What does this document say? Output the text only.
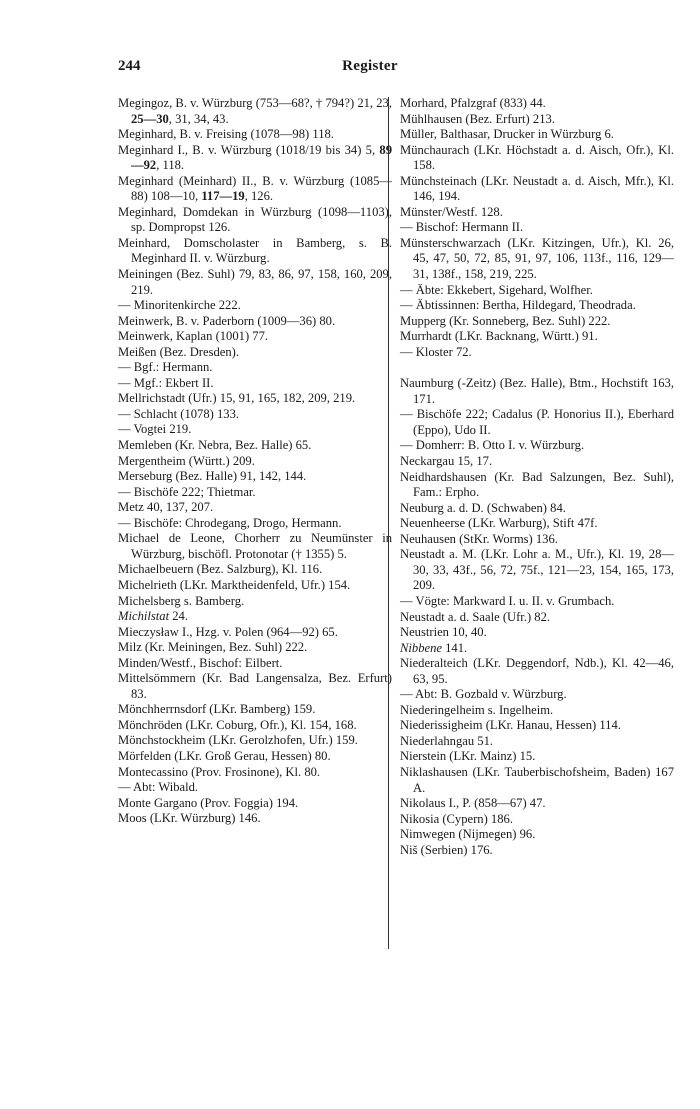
244	Register

Megingoz, B. v. Würzburg (753—68?, † 794?) 21, 23, 25—30, 31, 34, 43.

Meginhard, B. v. Freising (1078—98) 118.

Meginhard I., B. v. Würzburg (1018/19 bis 34) 5, 89—92, 118.

Meginhard (Meinhard) II., B. v. Würzburg (1085—88) 108—10, 117—19, 126.

Meginhard, Domdekan in Würzburg (1098—1103), sp. Dompropst 126.

Meinhard, Domscholaster in Bamberg, s. B. Meginhard II. v. Würzburg.

Meiningen (Bez. Suhl) 79, 83, 86, 97, 158, 160, 209, 219.

— Minoritenkirche 222.

Meinwerk, B. v. Paderborn (1009—36) 80.

Meinwerk, Kaplan (1001) 77.

Meißen (Bez. Dresden).

— Bgf.: Hermann.

— Mgf.: Ekbert II.

Mellrichstadt (Ufr.) 15, 91, 165, 182, 209, 219.

— Schlacht (1078) 133.

— Vogtei 219.

Memleben (Kr. Nebra, Bez. Halle) 65.

Mergentheim (Württ.) 209.

Merseburg (Bez. Halle) 91, 142, 144.

— Bischöfe 222; Thietmar.

Metz 40, 137, 207.

— Bischöfe: Chrodegang, Drogo, Hermann.

Michael de Leone, Chorherr zu Neumünster in Würzburg, bischöfl. Protonotar († 1355) 5.

Michaelbeuern (Bez. Salzburg), Kl. 116.

Michelrieth (LKr. Marktheidenfeld, Ufr.) 154.

Michelsberg s. Bamberg.

Michilstat 24.

Mieczysław I., Hzg. v. Polen (964—92) 65.

Milz (Kr. Meiningen, Bez. Suhl) 222.

Minden/Westf., Bischof: Eilbert.

Mittelsömmern (Kr. Bad Langensalza, Bez. Erfurt) 83.

Mönchherrnsdorf (LKr. Bamberg) 159.

Mönchröden (LKr. Coburg, Ofr.), Kl. 154, 168.

Mönchstockheim (LKr. Gerolzhofen, Ufr.) 159.

Mörfelden (LKr. Groß Gerau, Hessen) 80.

Montecassino (Prov. Frosinone), Kl. 80.

— Abt: Wibald.

Monte Gargano (Prov. Foggia) 194.

Moos (LKr. Würzburg) 146.

Morhard, Pfalzgraf (833) 44.

Mühlhausen (Bez. Erfurt) 213.

Müller, Balthasar, Drucker in Würzburg 6.

Münchaurach (LKr. Höchstadt a. d. Aisch, Ofr.), Kl. 158.

Münchsteinach (LKr. Neustadt a. d. Aisch, Mfr.), Kl. 146, 194.

Münster/Westf. 128.

— Bischof: Hermann II.

Münsterschwarzach (LKr. Kitzingen, Ufr.), Kl. 26, 45, 47, 50, 72, 85, 91, 97, 106, 113f., 116, 129—31, 138f., 158, 219, 225.

— Äbte: Ekkebert, Sigehard, Wolfher.

— Äbtissinnen: Bertha, Hildegard, Theodrada.

Mupperg (Kr. Sonneberg, Bez. Suhl) 222.

Murrhardt (LKr. Backnang, Württ.) 91.

— Kloster 72.

Naumburg (-Zeitz) (Bez. Halle), Btm., Hochstift 163, 171.

— Bischöfe 222; Cadalus (P. Honorius II.), Eberhard (Eppo), Udo II.

— Domherr: B. Otto I. v. Würzburg.

Neckargau 15, 17.

Neidhardshausen (Kr. Bad Salzungen, Bez. Suhl), Fam.: Erpho.

Neuburg a. d. D. (Schwaben) 84.

Neuenheerse (LKr. Warburg), Stift 47f.

Neuhausen (StKr. Worms) 136.

Neustadt a. M. (LKr. Lohr a. M., Ufr.), Kl. 19, 28—30, 33, 43f., 56, 72, 75f., 121—23, 154, 165, 173, 209.

— Vögte: Markward I. u. II. v. Grumbach.

Neustadt a. d. Saale (Ufr.) 82.

Neustrien 10, 40.

Nibbene 141.

Niederalteich (LKr. Deggendorf, Ndb.), Kl. 42—46, 63, 95.

— Abt: B. Gozbald v. Würzburg.

Niederingelheim s. Ingelheim.

Niederissigheim (LKr. Hanau, Hessen) 114.

Niederlahngau 51.

Nierstein (LKr. Mainz) 15.

Niklashausen (LKr. Tauberbischofsheim, Baden) 167 A.

Nikolaus I., P. (858—67) 47.

Nikosia (Cypern) 186.

Nimwegen (Nijmegen) 96.

Niš (Serbien) 176.
